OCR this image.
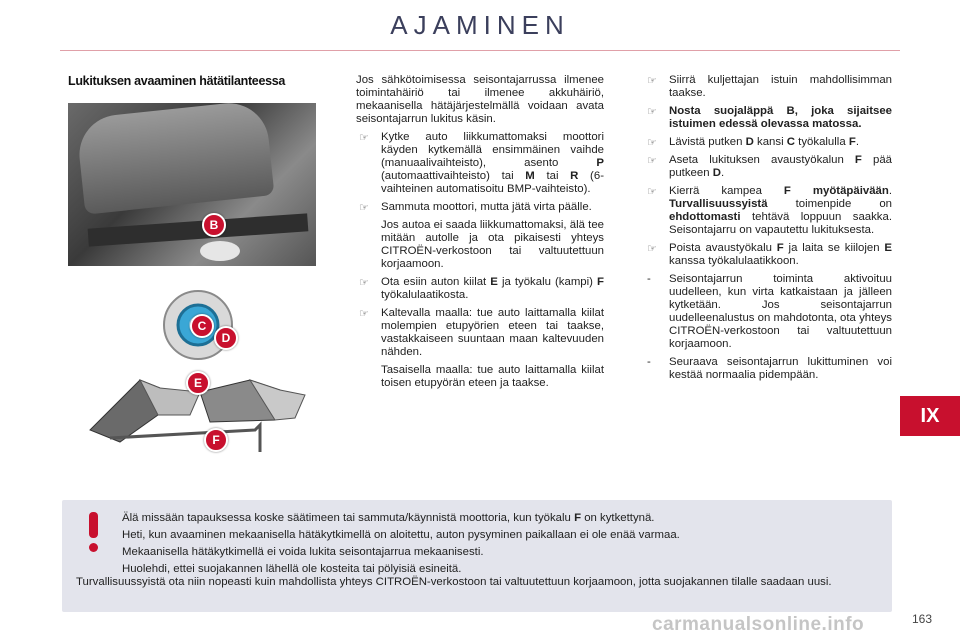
AJAMINEN
IX
Lukituksen avaaminen hätätilanteessa
B
C
D
E
F

Jos sähkötoimisessa seisontajarrussa ilmenee toimintahäiriö tai ilmenee akkuhäiriö, mekaanisella hätäjärjestelmällä voidaan avata seisontajarrun lukitus käsin.

☞	Kytke auto liikkumattomaksi moottori käyden kytkemällä ensimmäinen vaihde (manuaalivaihteisto), asento P (automaattivaihteisto) tai M tai R (6-vaihteinen automatisoitu BMP-vaihteisto).
☞	Sammuta moottori, mutta jätä virta päälle.

Jos autoa ei saada liikkumattomaksi, älä tee mitään autolle ja ota pikaisesti yhteys CITROËN-verkostoon tai valtuutettuun korjaamoon.

☞	Ota esiin auton kiilat E ja työkalu (kampi) F työkalulaatikosta.
☞	Kaltevalla maalla: tue auto laittamalla kiilat molempien etupyörien eteen tai taakse, vastakkaiseen suuntaan maan kaltevuuden nähden.

Tasaisella maalla: tue auto laittamalla kiilat toisen etupyörän eteen ja taakse.

☞	Siirrä kuljettajan istuin mahdollisimman taakse.
☞	Nosta suojaläppä B, joka sijaitsee istuimen edessä olevassa matossa.
☞	Lävistä putken D kansi C työkalulla F.
☞	Aseta lukituksen avaustyökalun F pää putkeen D.
☞	Kierrä kampea F myötäpäivään. Turvallisuussyistä toimenpide on ehdottomasti tehtävä loppuun saakka. Seisontajarru on vapautettu lukituksesta.
☞	Poista avaustyökalu F ja laita se kiilojen E kanssa työkalulaatikkoon.
- Seisontajarrun toiminta aktivoituu uudelleen, kun virta katkaistaan ja jälleen kytketään. Jos seisontajarrun uudelleenalustus on mahdotonta, ota yhteys CITROËN-verkostoon tai valtuutettuun korjaamoon.
- Seuraava seisontajarrun lukittuminen voi kestää normaalia pidempään.

Älä missään tapauksessa koske säätimeen tai sammuta/käynnistä moottoria, kun työkalu F on kytkettynä.

Heti, kun avaaminen mekaanisella hätäkytkimellä on aloitettu, auton pysyminen paikallaan ei ole enää varmaa.

Mekaanisella hätäkytkimellä ei voida lukita seisontajarrua mekaanisesti.

Huolehdi, ettei suojakannen lähellä ole kosteita tai pölyisiä esineitä.

Turvallisuussyistä ota niin nopeasti kuin mahdollista yhteys CITROËN-verkostoon tai valtuutettuun korjaamoon, jotta suojakannen tilalle saadaan uusi.
carmanualsonline.info	163
